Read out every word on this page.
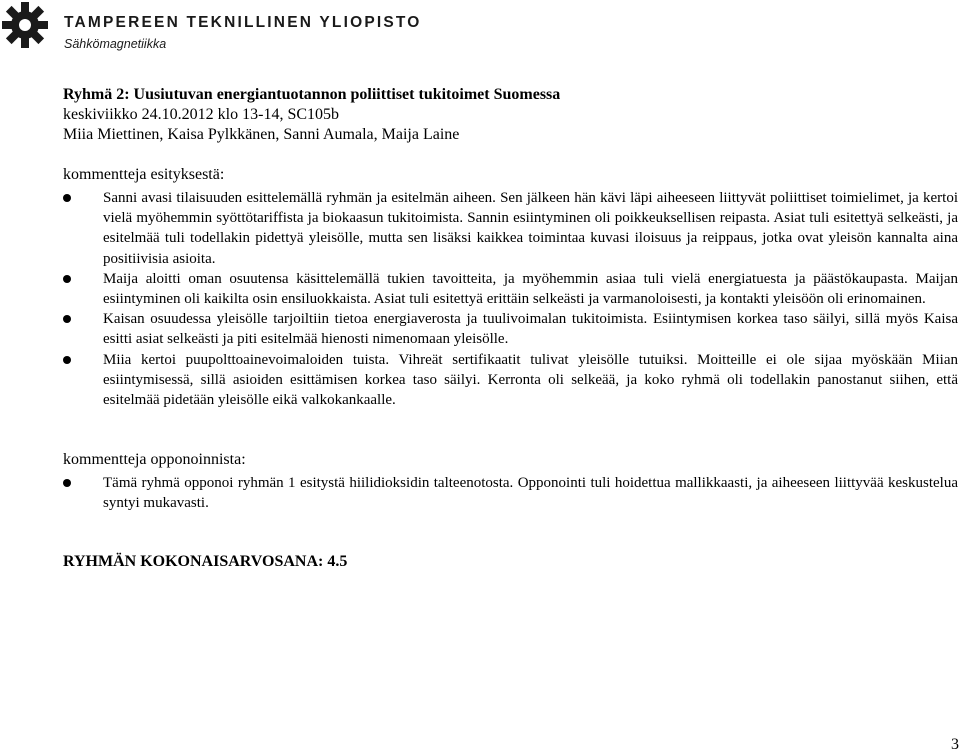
TAMPEREEN TEKNILLINEN YLIOPISTO
Sähkömagnetiikka

Ryhmä 2: Uusiutuvan energiantuotannon poliittiset tukitoimet Suomessa

keskiviikko 24.10.2012 klo 13-14, SC105b

Miia Miettinen, Kaisa Pylkkänen, Sanni Aumala, Maija Laine

kommentteja esityksestä:

Sanni avasi tilaisuuden esittelemällä ryhmän ja esitelmän aiheen. Sen jälkeen hän kävi läpi aiheeseen liittyvät poliittiset toimielimet, ja kertoi vielä myöhemmin syöttötariffista ja biokaasun tukitoimista. Sannin esiintyminen oli poikkeuksellisen reipasta. Asiat tuli esitettyä selkeästi, ja esitelmää tuli todellakin pidettyä yleisölle, mutta sen lisäksi kaikkea toimintaa kuvasi iloisuus ja reippaus, jotka ovat yleisön kannalta aina positiivisia asioita.
Maija aloitti oman osuutensa käsittelemällä tukien tavoitteita, ja myöhemmin asiaa tuli vielä energiatuesta ja päästökaupasta. Maijan esiintyminen oli kaikilta osin ensiluokkaista. Asiat tuli esitettyä erittäin selkeästi ja varmanoloisesti, ja kontakti yleisöön oli erinomainen.
Kaisan osuudessa yleisölle tarjoiltiin tietoa energiaverosta ja tuulivoimalan tukitoimista. Esiintymisen korkea taso säilyi, sillä myös Kaisa esitti asiat selkeästi ja piti esitelmää hienosti nimenomaan yleisölle.
Miia kertoi puupolttoainevoimaloiden tuista. Vihreät sertifikaatit tulivat yleisölle tutuiksi. Moitteille ei ole sijaa myöskään Miian esiintymisessä, sillä asioiden esittämisen korkea taso säilyi. Kerronta oli selkeää, ja koko ryhmä oli todellakin panostanut siihen, että esitelmää pidetään yleisölle eikä valkokankaalle.

kommentteja opponoinnista:

Tämä ryhmä opponoi ryhmän 1 esitystä hiilidioksidin talteenotosta. Opponointi tuli hoidettua mallikkaasti, ja aiheeseen liittyvää keskustelua syntyi mukavasti.

RYHMÄN KOKONAISARVOSANA: 4.5

3
